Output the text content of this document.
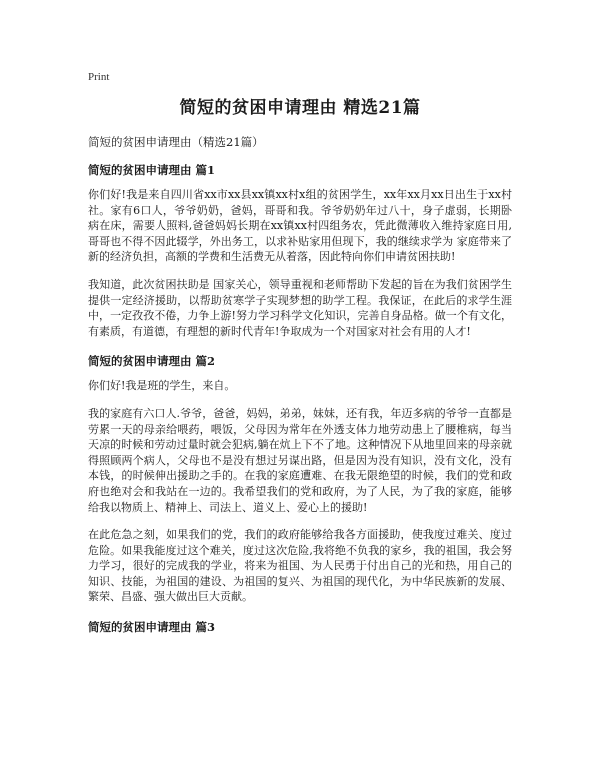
Print
简短的贫困申请理由 精选21篇
简短的贫困申请理由（精选21篇）
简短的贫困申请理由 篇1

你们好!我是来自四川省xx市xx县xx镇xx村x组的贫困学生，xx年xx月xx日出生于xx村社。家有6口人，爷爷奶奶，爸妈，哥哥和我。爷爷奶奶年过八十，身子虚弱，长期卧病在床，需要人照料,爸爸妈妈长期在xx镇xx村四组务农，凭此微薄收入维持家庭日用,哥哥也不得不因此辍学，外出务工，以求补贴家用但现下，我的继续求学为 家庭带来了新的经济负担，高额的学费和生活费无从着落，因此特向你们申请贫困扶助!

我知道，此次贫困扶助是 国家关心，领导重视和老师帮助下发起的旨在为我们贫困学生提供一定经济援助，以帮助贫寒学子实现梦想的助学工程。我保证，在此后的求学生涯中，一定孜孜不倦，力争上游!努力学习科学文化知识，完善自身品格。做一个有文化，有素质，有道德，有理想的新时代青年!争取成为一个对国家对社会有用的人才!

简短的贫困申请理由 篇2

你们好!我是班的学生，来自。

我的家庭有六口人.爷爷，爸爸，妈妈，弟弟，妹妹，还有我，年迈多病的爷爷一直都是劳累一天的母亲给喂药，喂饭，父母因为常年在外透支体力地劳动患上了腰椎病，每当天凉的时候和劳动过量时就会犯病,躺在炕上下不了地。这种情况下从地里回来的母亲就得照顾两个病人，父母也不是没有想过另谋出路，但是因为没有知识，没有文化，没有本钱，的时候伸出援助之手的。在我的家庭遭难、在我无限绝望的时候，我们的党和政府也绝对会和我站在一边的。我希望我们的党和政府，为了人民，为了我的家庭，能够给我以物质上、精神上、司法上、道义上、爱心上的援助!

在此危急之刻，如果我们的党，我们的政府能够给我各方面援助，使我度过难关、度过危险。如果我能度过这个难关，度过这次危险,我将绝不负我的家乡，我的祖国，我会努力学习，很好的完成我的学业，将来为祖国、为人民勇于付出自己的光和热，用自己的知识、技能，为祖国的建设、为祖国的复兴、为祖国的现代化，为中华民族新的发展、繁荣、昌盛、强大做出巨大贡献。

简短的贫困申请理由 篇3
